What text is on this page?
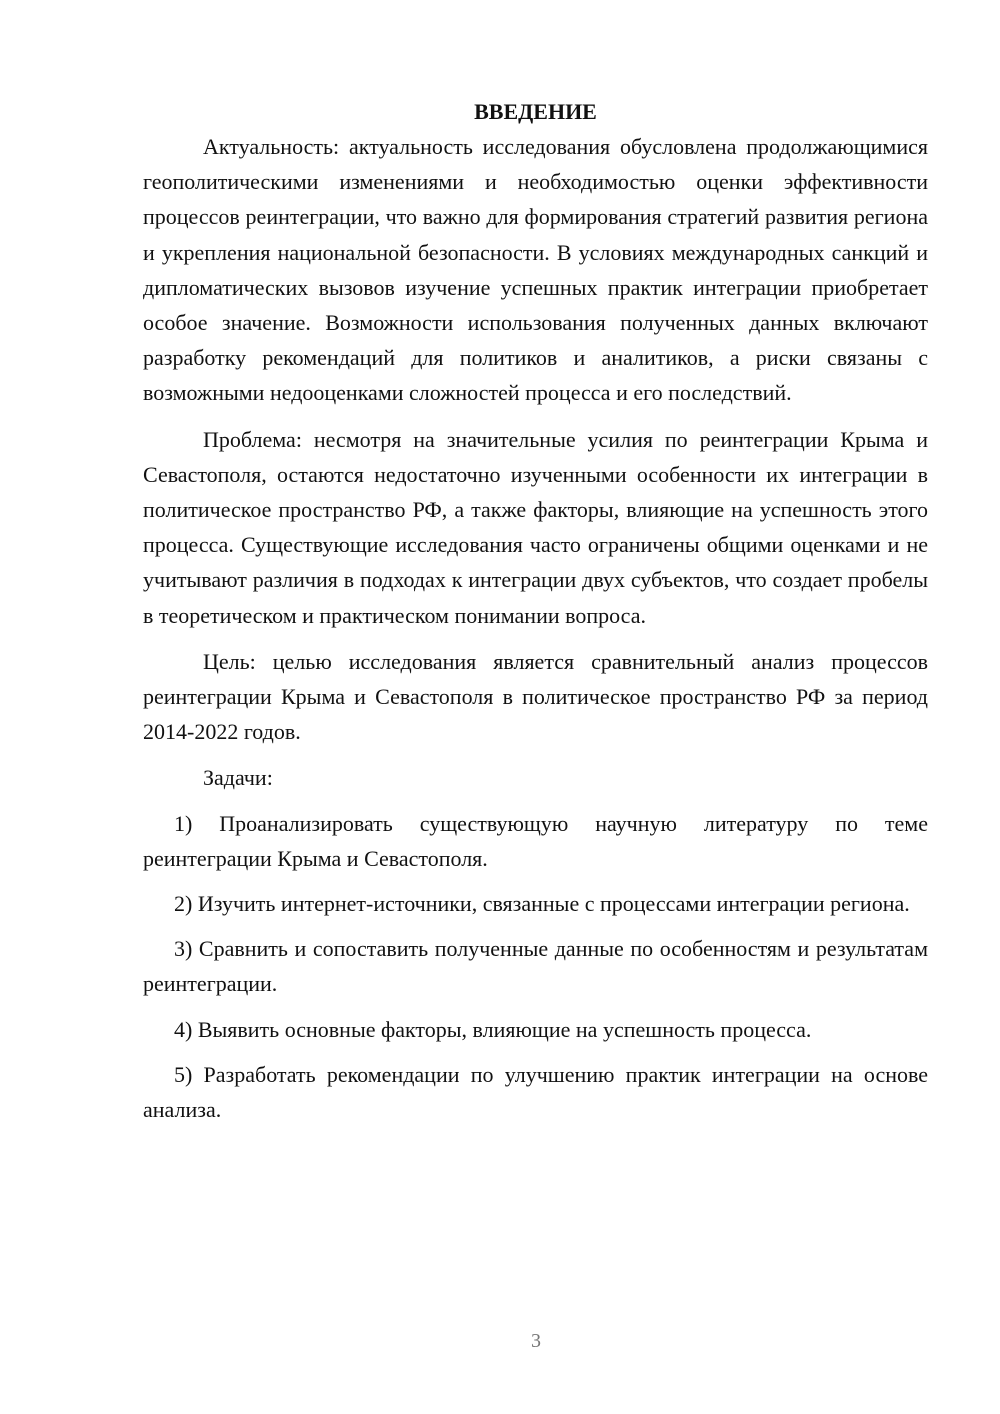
ВВЕДЕНИЕ

Актуальность: актуальность исследования обусловлена продолжающимися геополитическими изменениями и необходимостью оценки эффективности процессов реинтеграции, что важно для формирования стратегий развития региона и укрепления национальной безопасности. В условиях международных санкций и дипломатических вызовов изучение успешных практик интеграции приобретает особое значение. Возможности использования полученных данных включают разработку рекомендаций для политиков и аналитиков, а риски связаны с возможными недооценками сложностей процесса и его последствий.

Проблема: несмотря на значительные усилия по реинтеграции Крыма и Севастополя, остаются недостаточно изученными особенности их интеграции в политическое пространство РФ, а также факторы, влияющие на успешность этого процесса. Существующие исследования часто ограничены общими оценками и не учитывают различия в подходах к интеграции двух субъектов, что создает пробелы в теоретическом и практическом понимании вопроса.

Цель: целью исследования является сравнительный анализ процессов реинтеграции Крыма и Севастополя в политическое пространство РФ за период 2014-2022 годов.

Задачи:

1) Проанализировать существующую научную литературу по теме реинтеграции Крыма и Севастополя.

2) Изучить интернет-источники, связанные с процессами интеграции региона.

3) Сравнить и сопоставить полученные данные по особенностям и результатам реинтеграции.

4) Выявить основные факторы, влияющие на успешность процесса.

5) Разработать рекомендации по улучшению практик интеграции на основе анализа.

3
